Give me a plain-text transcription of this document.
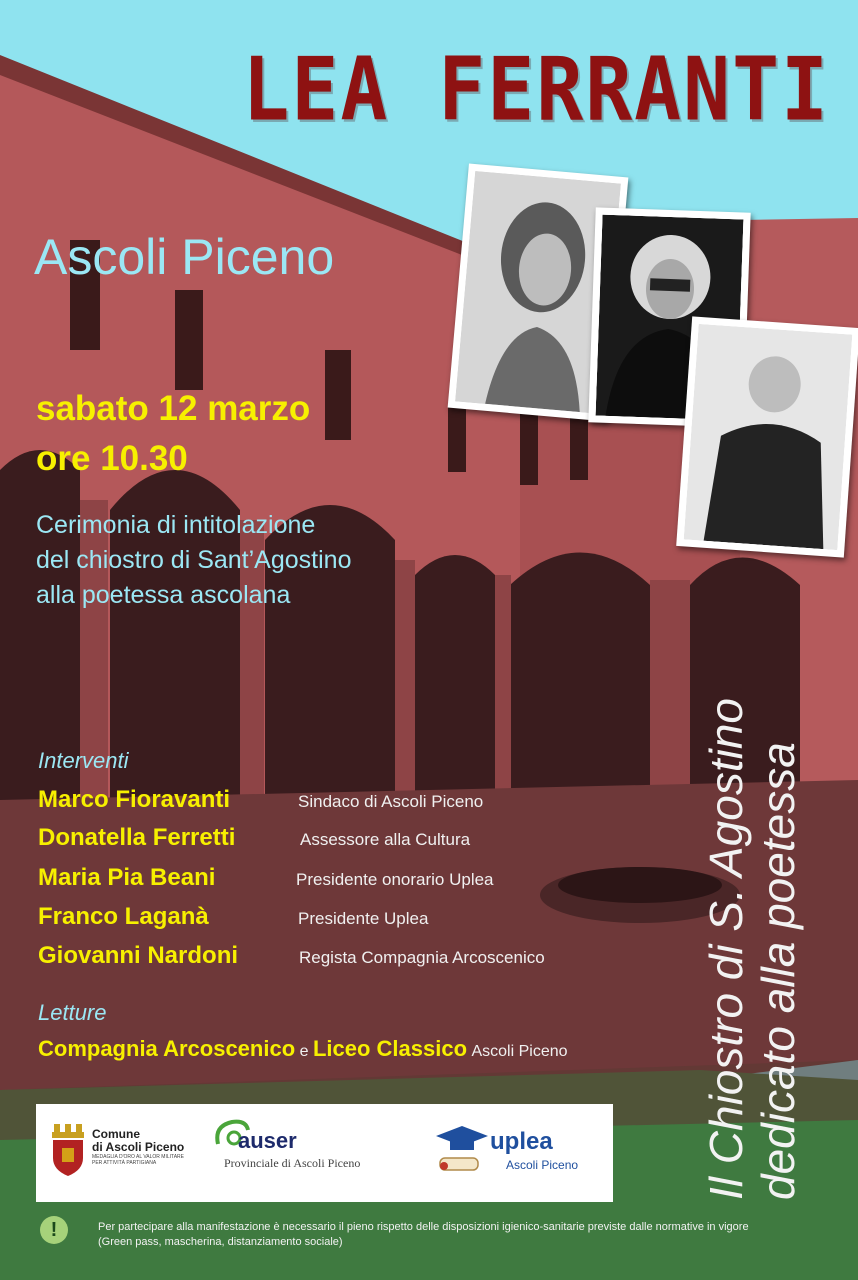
LEA FERRANTI
Ascoli Piceno
sabato 12 marzo
ore 10.30
Cerimonia di intitolazione
del chiostro di Sant’Agostino
alla poetessa ascolana
Interventi
Marco Fioravanti	Sindaco di Ascoli Piceno
Donatella Ferretti	Assessore alla Cultura
Maria Pia Beani	Presidente onorario Uplea
Franco Laganà	Presidente Uplea
Giovanni Nardoni	Regista Compagnia Arcoscenico
Letture
Compagnia Arcoscenico e Liceo Classico Ascoli Piceno	Il Chiostro di S. Agostino dedicato alla poetessa
Comune
di Ascoli Piceno
MEDAGLIA D'ORO AL VALOR MILITARE
PER ATTIVITÀ PARTIGIANA
auser
Provinciale di Ascoli Piceno
uplea
Ascoli Piceno
!	Per partecipare alla manifestazione è necessario il pieno rispetto delle disposizioni igienico-sanitarie previste dalle normative in vigore
(Green pass, mascherina, distanziamento sociale)
